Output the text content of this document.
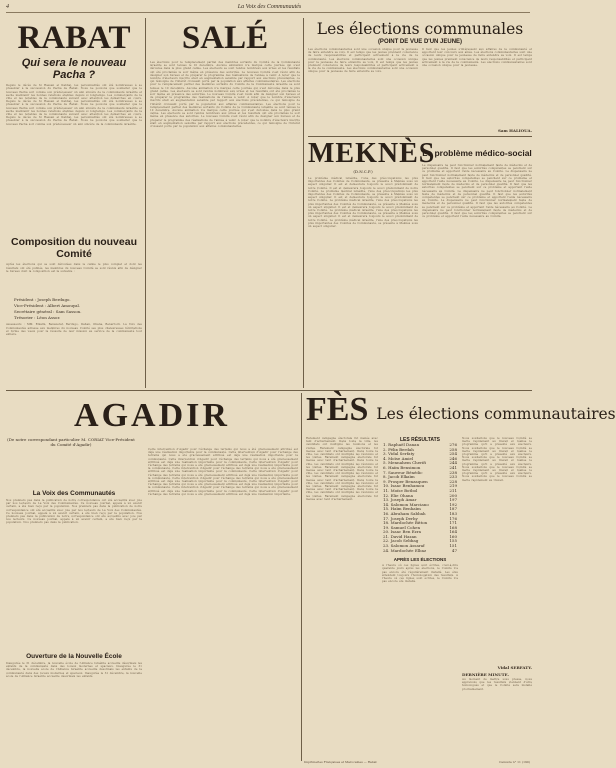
4	La Voix des Communautés
RABAT
Qui sera le nouveau Pacha ?
Depuis le décès de Si Hassan el Kabbaj, les personnalités ont été nombreuses à se présenter à la succession du Pacha de Rabat. Nous ne pouvons que souhaiter que le nouveau Pacha soit comme son prédécesseur un ami sincère de la communauté israélite et sache maintenir les bonnes relations établies depuis si longtemps. Les commerçants de la ville et les notables de la communauté suivent avec attention les démarches en cours. Depuis le décès de Si Hassan el Kabbaj, les personnalités ont été nombreuses à se présenter à la succession du Pacha de Rabat. Nous ne pouvons que souhaiter que le nouveau Pacha soit comme son prédécesseur un ami sincère de la communauté israélite et sache maintenir les bonnes relations établies depuis si longtemps. Les commerçants de la ville et les notables de la communauté suivent avec attention les démarches en cours. Depuis le décès de Si Hassan el Kabbaj, les personnalités ont été nombreuses à se présenter à la succession du Pacha de Rabat. Nous ne pouvons que souhaiter que le nouveau Pacha soit comme son prédécesseur un ami sincère de la communauté israélite.
Composition du nouveau Comité
Après les élections qui se sont déroulées dans le calme le plus complet et dont les résultats ont été publiés, les membres du nouveau Comité se sont réunis afin de désigner le bureau dont la composition est la suivante :
Président : Joseph Berdugo.
Vice-Président : Albert Amouyal.
Secrétaire général : Sam Sasson.
Trésorier : Léon Assor.
Assesseurs : MM. Elkaïm, Benazeraf, Berdugo, Dahan, Ohana, Benarroch. La Voix des Communautés adresse aux membres du nouveau Comité ses plus chaleureuses félicitations et forme des vœux pour la réussite de leur mission au service de la communauté tout entière.
SALÉ
Les élections pour le remplacement partiel des membres sortants du Comité de la Communauté israélite se sont tenues le 10 décembre. Aucune animation n'a marqué cette journée qui s'est déroulée dans le plus grand calme. Les électeurs se sont rendus nombreux aux urnes et les résultats ont été proclamés le soir même en présence des autorités. Le nouveau Comité s'est réuni afin de désigner son bureau et de préparer le programme des réalisations de l'année à venir. A noter que le nombre d'électeurs inscrits était en augmentation sensible par rapport aux élections précédentes, ce qui témoigne de l'intérêt croissant porté par la population aux affaires communautaires. Les élections pour le remplacement partiel des membres sortants du Comité de la Communauté israélite se sont tenues le 10 décembre. Aucune animation n'a marqué cette journée qui s'est déroulée dans le plus grand calme. Les électeurs se sont rendus nombreux aux urnes et les résultats ont été proclamés le soir même en présence des autorités. Le nouveau Comité s'est réuni afin de désigner son bureau et de préparer le programme des réalisations de l'année à venir. A noter que le nombre d'électeurs inscrits était en augmentation sensible par rapport aux élections précédentes, ce qui témoigne de l'intérêt croissant porté par la population aux affaires communautaires. Les élections pour le remplacement partiel des membres sortants du Comité de la Communauté israélite se sont tenues le 10 décembre. Aucune animation n'a marqué cette journée qui s'est déroulée dans le plus grand calme. Les électeurs se sont rendus nombreux aux urnes et les résultats ont été proclamés le soir même en présence des autorités. Le nouveau Comité s'est réuni afin de désigner son bureau et de préparer le programme des réalisations de l'année à venir. A noter que le nombre d'électeurs inscrits était en augmentation sensible par rapport aux élections précédentes, ce qui témoigne de l'intérêt croissant porté par la population aux affaires communautaires.
Les élections communales
(POINT DE VUE D'UN JEUNE)
Les élections communautaires sont une occasion unique pour la jeunesse de faire entendre sa voix. Il est temps que les jeunes prennent conscience de leurs responsabilités et participent activement à la vie de la communauté. Les élections communautaires sont une occasion unique pour la jeunesse de faire entendre sa voix. Il est temps que les jeunes prennent conscience de leurs responsabilités et participent activement à la vie de la communauté. Les élections communautaires sont une occasion unique pour la jeunesse de faire entendre sa voix.
Il faut que les jeunes s'intéressent aux affaires de la communauté et apportent leur concours aux aînés. Les élections communautaires sont une occasion unique pour la jeunesse de faire entendre sa voix. Il est temps que les jeunes prennent conscience de leurs responsabilités et participent activement à la vie de la communauté. Les élections communautaires sont une occasion unique pour la jeunesse.
Sam HALIOUA.
MEKNÈS
(D.N.C.P.)
Le problème médical israélite, l'une des préoccupations les plus importantes des Comités de Communauté, se présente à Meknès sous un aspect singulier. Il est et demeurera toujours le souci prédominant de notre Comité. Il est et demeurera toujours le souci prédominant de notre Comité. Le problème médical israélite, l'une des préoccupations les plus importantes des Comités de Communauté, se présente à Meknès sous un aspect singulier. Il est et demeurera toujours le souci prédominant de notre Comité. Le problème médical israélite, l'une des préoccupations les plus importantes des Comités de Communauté, se présente à Meknès sous un aspect singulier. Il est et demeurera toujours le souci prédominant de notre Comité. Le problème médical israélite, l'une des préoccupations les plus importantes des Comités de Communauté, se présente à Meknès sous un aspect singulier. Il est et demeurera toujours le souci prédominant de notre Comité. Le problème médical israélite, l'une des préoccupations les plus importantes des Comités de Communauté, se présente à Meknès sous un aspect singulier.
Le problème médico-social
Le dispensaire ne peut fonctionner normalement faute de médecins et de personnel qualifié. Il faut que les autorités compétentes se penchent sur ce problème et apportent l'aide nécessaire au Comité. Le dispensaire ne peut fonctionner normalement faute de médecins et de personnel qualifié. Il faut que les autorités compétentes se penchent sur ce problème et apportent l'aide nécessaire au Comité. Le dispensaire ne peut fonctionner normalement faute de médecins et de personnel qualifié. Il faut que les autorités compétentes se penchent sur ce problème et apportent l'aide nécessaire au Comité. Le dispensaire ne peut fonctionner normalement faute de médecins et de personnel qualifié. Il faut que les autorités compétentes se penchent sur ce problème et apportent l'aide nécessaire au Comité. Le dispensaire ne peut fonctionner normalement faute de médecins et de personnel qualifié. Il faut que les autorités compétentes se penchent sur ce problème et apportent l'aide nécessaire au Comité. Le dispensaire ne peut fonctionner normalement faute de médecins et de personnel qualifié. Il faut que les autorités compétentes se penchent sur ce problème et apportent l'aide nécessaire au Comité.
AGADIR
(De notre correspondant particulier M. CORIAT Vice-Président du Comité d'Agadir)
La Voix des Communautés
Nos premiers pas dans la publication de notre correspondance ont été accueillis avec joie par nos lecteurs de La Voix des Communautés. Ce nouveau journal, appelé à un avenir certain, a été bien reçu par la population. Nos premiers pas dans la publication de notre correspondance ont été accueillis avec joie par nos lecteurs de La Voix des Communautés. Ce nouveau journal, appelé à un avenir certain, a été bien reçu par la population. Nos premiers pas dans la publication de notre correspondance ont été accueillis avec joie par nos lecteurs. Ce nouveau journal, appelé à un avenir certain, a été bien reçu par la population. Nos premiers pas dans la publication.
Ouverture de la Nouvelle École
Inaugurée le 31 décembre, la nouvelle école de l'Alliance Israélite accueille désormais les enfants de la communauté dans des locaux modernes et spacieux. Inaugurée le 31 décembre, la nouvelle école de l'Alliance Israélite accueille désormais les enfants de la communauté dans des locaux modernes et spacieux. Inaugurée le 31 décembre, la nouvelle école de l'Alliance Israélite accueille désormais les enfants.
Cette intervention d'Agadir pour l'échange des terrains qui nous a été gracieusement attribué est déjà une réalisation importante pour la communauté. Cette intervention d'Agadir pour l'échange des terrains qui nous a été gracieusement attribué est déjà une réalisation importante pour la communauté. Cette intervention d'Agadir pour l'échange des terrains qui nous a été gracieusement attribué est déjà une réalisation importante pour la communauté. Cette intervention d'Agadir pour l'échange des terrains qui nous a été gracieusement attribué est déjà une réalisation importante pour la communauté. Cette intervention d'Agadir pour l'échange des terrains qui nous a été gracieusement attribué est déjà une réalisation importante pour la communauté. Cette intervention d'Agadir pour l'échange des terrains qui nous a été gracieusement attribué est déjà une réalisation importante pour la communauté. Cette intervention d'Agadir pour l'échange des terrains qui nous a été gracieusement attribué est déjà une réalisation importante pour la communauté. Cette intervention d'Agadir pour l'échange des terrains qui nous a été gracieusement attribué est déjà une réalisation importante pour la communauté. Cette intervention d'Agadir pour l'échange des terrains qui nous a été gracieusement attribué est déjà une réalisation importante pour la communauté. Cette intervention d'Agadir pour l'échange des terrains qui nous a été gracieusement attribué est déjà une réalisation importante.
FÈS Les élections communautaires
Rarement campagne électorale fut menée avec tant d'acharnement. Dans toute la ville, les candidats ont multiplié les réunions et les visites. Rarement campagne électorale fut menée avec tant d'acharnement. Dans toute la ville, les candidats ont multiplié les réunions et les visites. Rarement campagne électorale fut menée avec tant d'acharnement. Dans toute la ville, les candidats ont multiplié les réunions et les visites. Rarement campagne électorale fut menée avec tant d'acharnement. Dans toute la ville, les candidats ont multiplié les réunions et les visites. Rarement campagne électorale fut menée avec tant d'acharnement. Dans toute la ville, les candidats ont multiplié les réunions et les visites. Rarement campagne électorale fut menée avec tant d'acharnement. Dans toute la ville, les candidats ont multiplié les réunions et les visites. Rarement campagne électorale fut menée avec tant d'acharnement.
LES RÉSULTATS
1. Raphaël Danan	276
2. Félix Berdah	258
3. Vidal Serfaty	254
4. Moïse Amiel	246
5. Mennahem Cherifi	244
6. Haïm Bensimon	241
7. Sauveur Bénédic	238
8. Jacob Elkaïm	233
9. Prosper Benzaquen	228
10. Isaac Benhamou	219
11. Moïse Botbol	211
12. Elie Ohana	200
13. Joseph Amar	197
14. Salomon Marciano	192
15. Haïm Benhaïm	187
16. Abraham Sabbah	183
17. Joseph Derhy	176
18. Mardochée Bitton	171
19. Samuel Cohen	168
20. Isaac Ben Ezra	164
21. David Hazan	160
22. Jacob Sebbag	155
23. Salomon Assaraf	151
24. Mardochée Elbaz	47
APRÈS LES ÉLECTIONS
A l'heure où ces lignes sont écrites, c'est-à-dire quarante jours après les élections, le Comité n'a pas encore été régulièrement installé. Les élus attendent toujours l'homologation des résultats. A l'heure où ces lignes sont écrites, le Comité n'a pas encore été installé.
Nous souhaitons que le nouveau Comité se mette rapidement au travail et réalise le programme qu'il a présenté aux électeurs. Nous souhaitons que le nouveau Comité se mette rapidement au travail et réalise le programme qu'il a présenté aux électeurs. Nous souhaitons que le nouveau Comité se mette rapidement au travail et réalise le programme qu'il a présenté aux électeurs. Nous souhaitons que le nouveau Comité se mette rapidement au travail et réalise le programme qu'il a présenté aux électeurs. Nous souhaitons que le nouveau Comité se mette rapidement au travail.
Vidal SERFATY.
DERNIÈRE MINUTE.
Au moment de mettre sous presse, nous apprenons que les résultats viennent d'être homologués et que le Comité sera installé prochainement.
Imprimeries Françaises et Marocaines — Rabat	Censure n° 11 (190)
